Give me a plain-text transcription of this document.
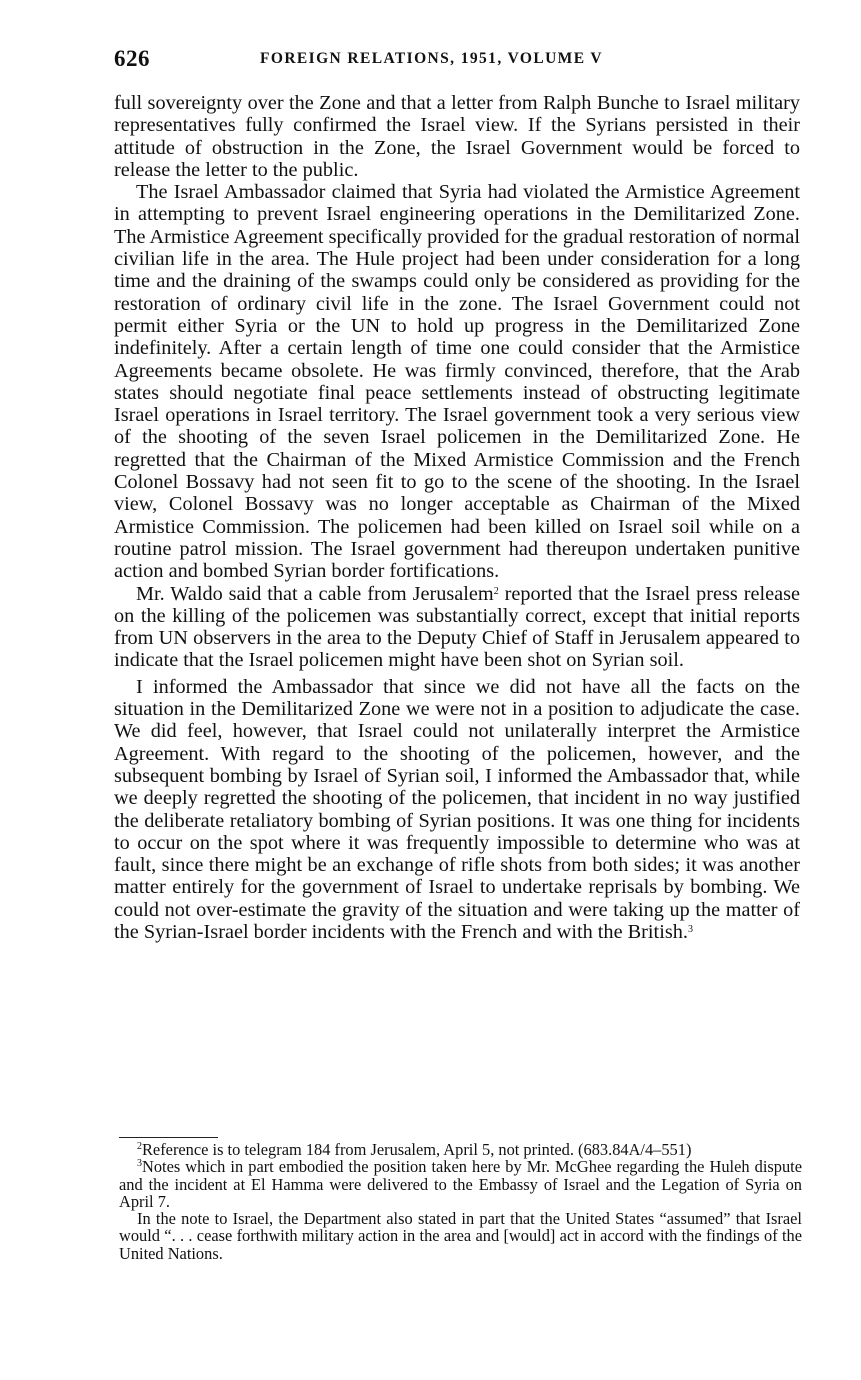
626	FOREIGN RELATIONS, 1951, VOLUME V

full sovereignty over the Zone and that a letter from Ralph Bunche to Israel military representatives fully confirmed the Israel view. If the Syrians persisted in their attitude of obstruction in the Zone, the Israel Government would be forced to release the letter to the public.

The Israel Ambassador claimed that Syria had violated the Armistice Agreement in attempting to prevent Israel engineering operations in the Demilitarized Zone. The Armistice Agreement specifically provided for the gradual restoration of normal civilian life in the area. The Hule project had been under consideration for a long time and the draining of the swamps could only be considered as providing for the restoration of ordinary civil life in the zone. The Israel Government could not permit either Syria or the UN to hold up progress in the Demilitarized Zone indefinitely. After a certain length of time one could consider that the Armistice Agreements became obsolete. He was firmly convinced, therefore, that the Arab states should negotiate final peace settlements instead of obstructing legitimate Israel operations in Israel territory. The Israel government took a very serious view of the shooting of the seven Israel policemen in the Demilitarized Zone. He regretted that the Chairman of the Mixed Armistice Commission and the French Colonel Bossavy had not seen fit to go to the scene of the shooting. In the Israel view, Colonel Bossavy was no longer acceptable as Chairman of the Mixed Armistice Commission. The policemen had been killed on Israel soil while on a routine patrol mission. The Israel government had thereupon undertaken punitive action and bombed Syrian border fortifications.

Mr. Waldo said that a cable from Jerusalem$^2$ reported that the Israel press release on the killing of the policemen was substantially correct, except that initial reports from UN observers in the area to the Deputy Chief of Staff in Jerusalem appeared to indicate that the Israel policemen might have been shot on Syrian soil.

I informed the Ambassador that since we did not have all the facts on the situation in the Demilitarized Zone we were not in a position to adjudicate the case. We did feel, however, that Israel could not unilaterally interpret the Armistice Agreement. With regard to the shooting of the policemen, however, and the subsequent bombing by Israel of Syrian soil, I informed the Ambassador that, while we deeply regretted the shooting of the policemen, that incident in no way justified the deliberate retaliatory bombing of Syrian positions. It was one thing for incidents to occur on the spot where it was frequently impossible to determine who was at fault, since there might be an exchange of rifle shots from both sides; it was another matter entirely for the government of Israel to undertake reprisals by bombing. We could not over-estimate the gravity of the situation and were taking up the matter of the Syrian-Israel border incidents with the French and with the British.$^3$

$^2$Reference is to telegram 184 from Jerusalem, April 5, not printed. (683.84A/4–551)

$^3$Notes which in part embodied the position taken here by Mr. McGhee regarding the Huleh dispute and the incident at El Hamma were delivered to the Embassy of Israel and the Legation of Syria on April 7.

In the note to Israel, the Department also stated in part that the United States “assumed” that Israel would “. . . cease forthwith military action in the area and [would] act in accord with the findings of the United Nations.
